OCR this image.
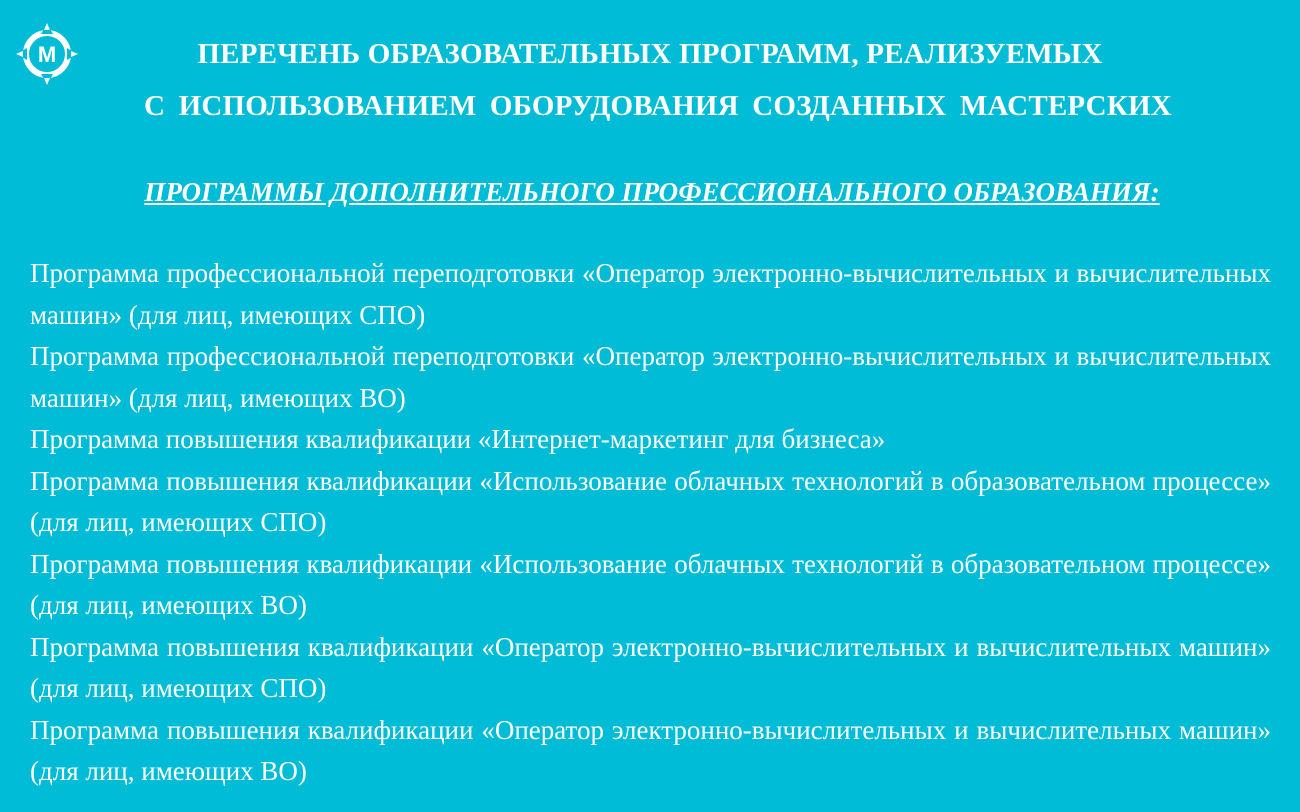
М	ПЕРЕЧЕНЬ ОБРАЗОВАТЕЛЬНЫХ ПРОГРАММ, РЕАЛИЗУЕМЫХ
С ИСПОЛЬЗОВАНИЕМ ОБОРУДОВАНИЯ СОЗДАННЫХ МАСТЕРСКИХ
ПРОГРАММЫ ДОПОЛНИТЕЛЬНОГО ПРОФЕССИОНАЛЬНОГО ОБРАЗОВАНИЯ:
Программа профессиональной переподготовки «Оператор электронно-вычислительных и вычислительных машин» (для лиц, имеющих СПО)
Программа профессиональной переподготовки «Оператор электронно-вычислительных и вычислительных машин» (для лиц, имеющих ВО)
Программа повышения квалификации «Интернет-маркетинг для бизнеса»
Программа повышения квалификации «Использование облачных технологий в образовательном процессе» (для лиц, имеющих СПО)
Программа повышения квалификации «Использование облачных технологий в образовательном процессе» (для лиц, имеющих ВО)
Программа повышения квалификации «Оператор электронно-вычислительных и вычислительных машин» (для лиц, имеющих СПО)
Программа повышения квалификации «Оператор электронно-вычислительных и вычислительных машин» (для лиц, имеющих ВО)
